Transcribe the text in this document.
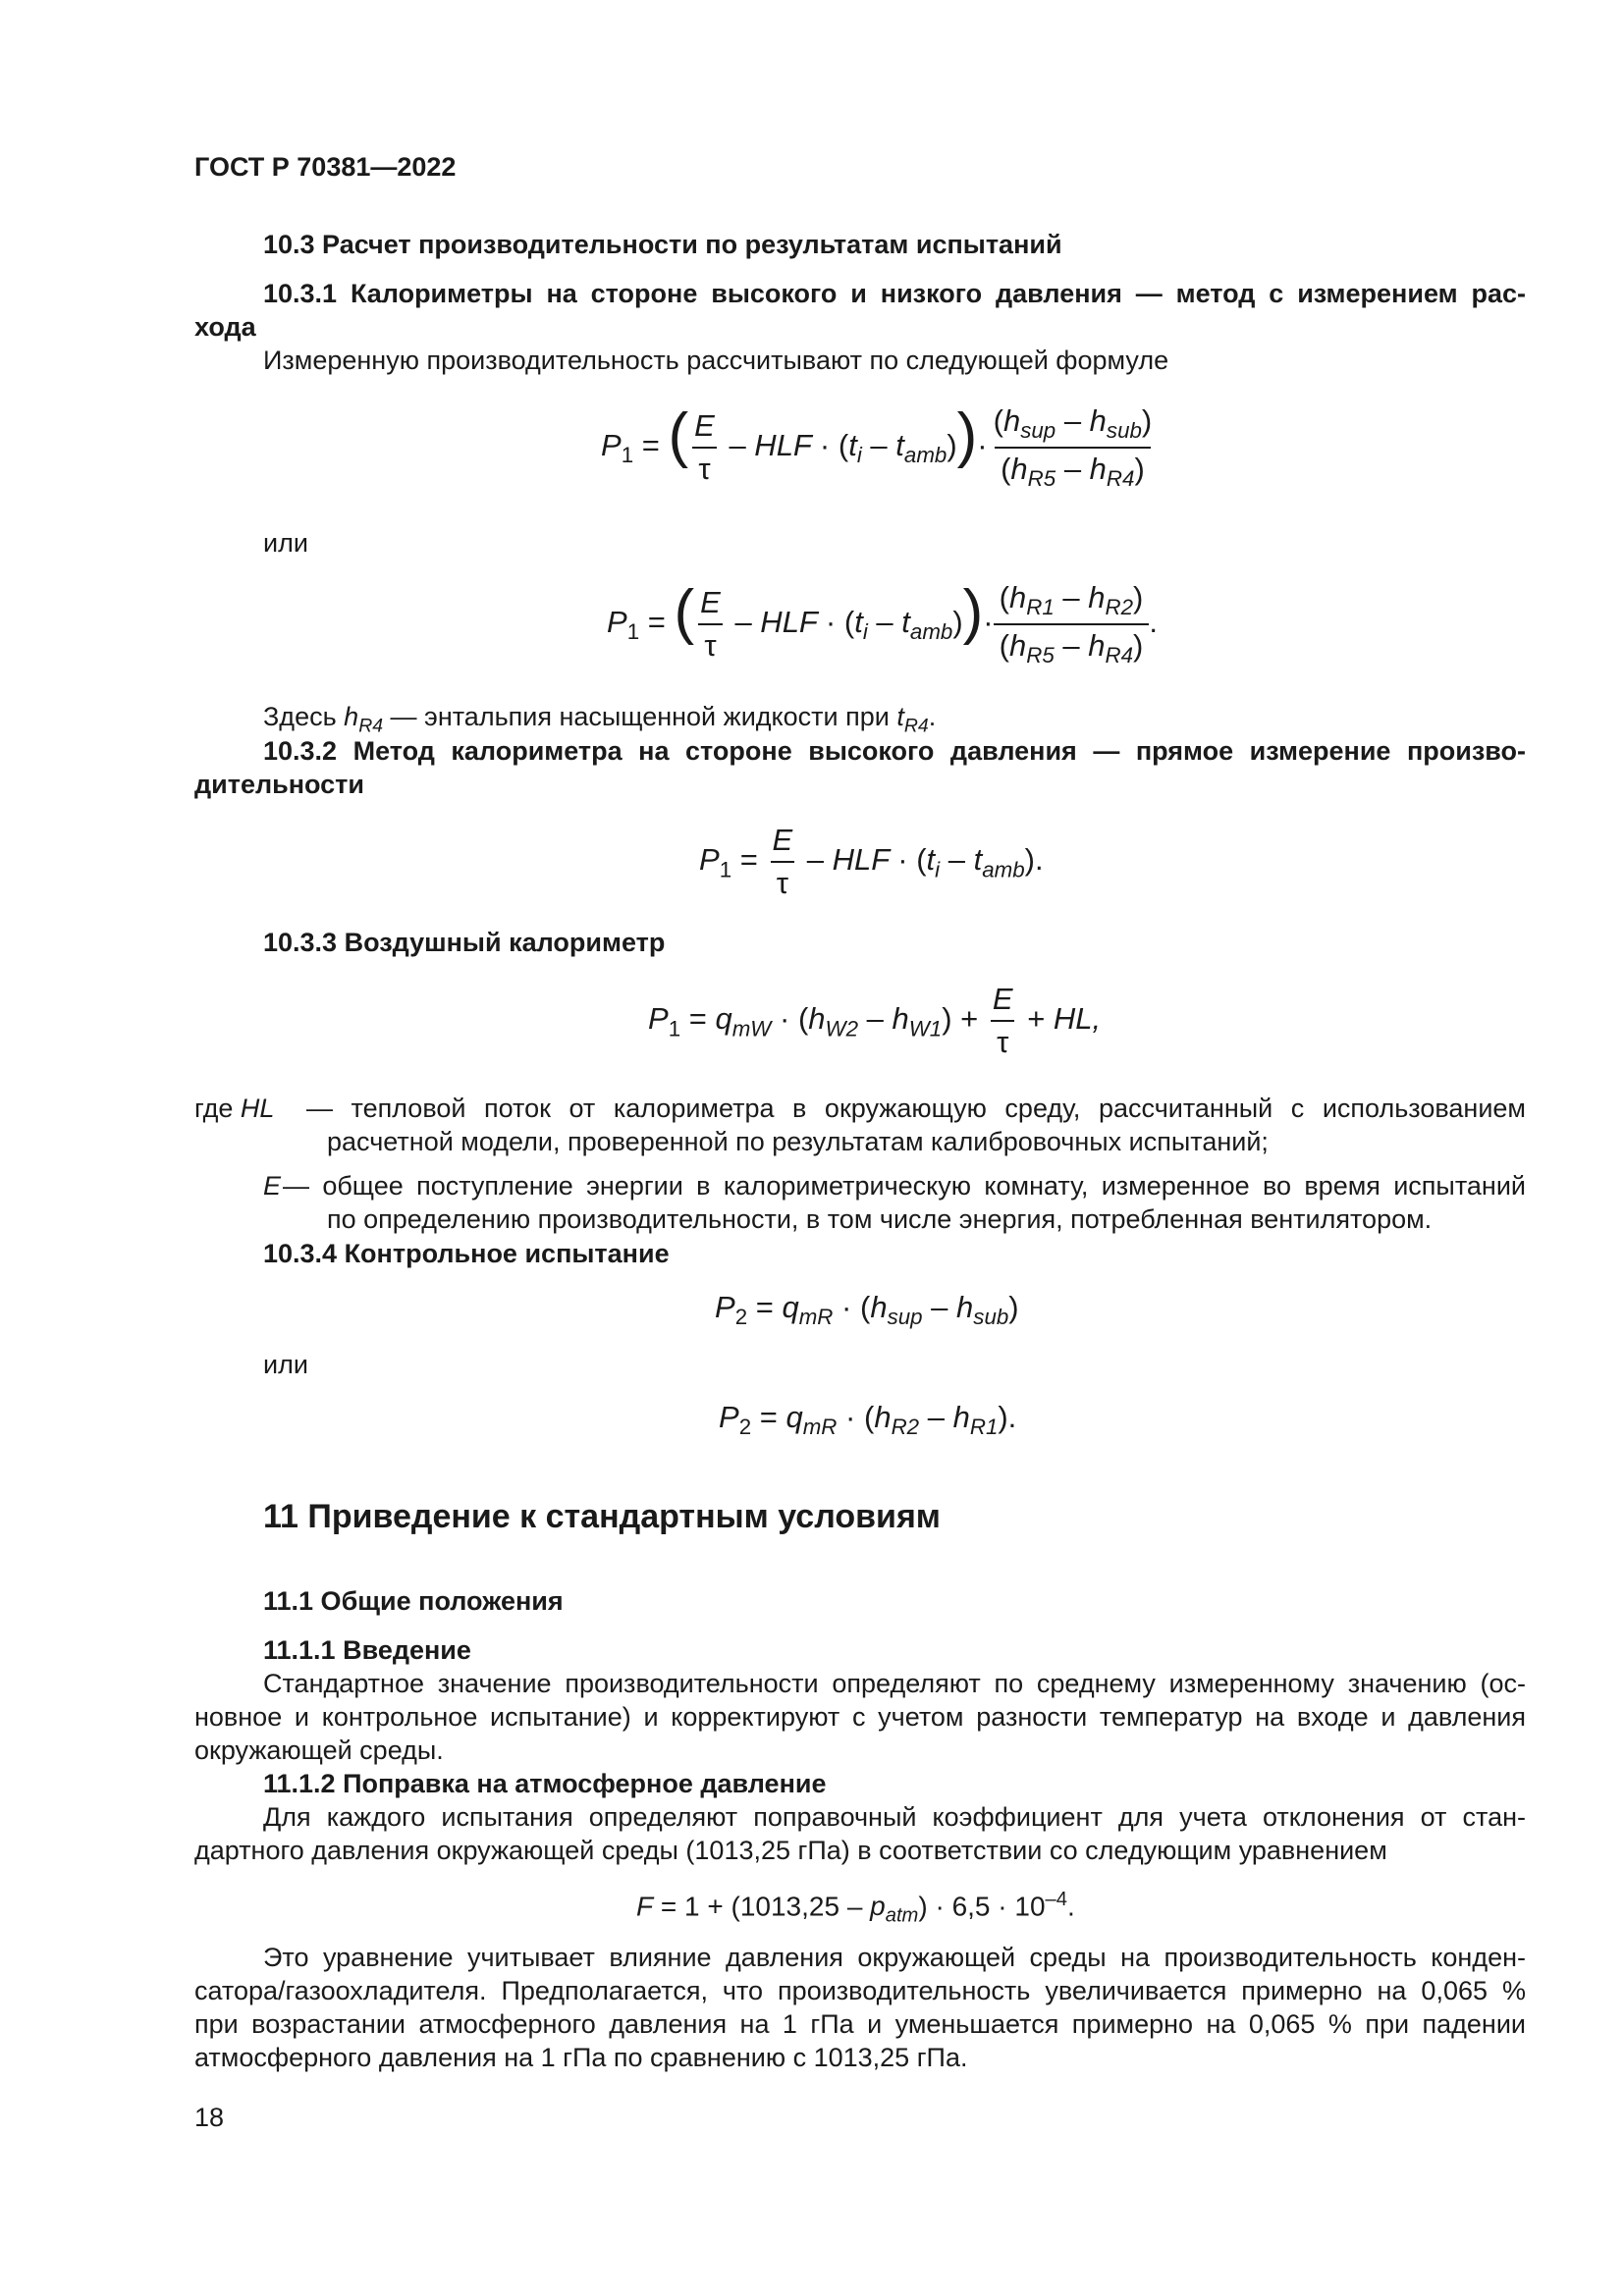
ГОСТ Р 70381—2022
10.3 Расчет производительности по результатам испытаний
10.3.1 Калориметры на стороне высокого и низкого давления — метод с измерением рас-
хода
Измеренную производительность рассчитывают по следующей формуле
$P_1$ = ( $\frac{E}{\tau}$ – HLF · $(t_i - t_{amb}))\cdot \frac{(h_{sup} - h_{sub})}{(h_{R5} - h_{R4})}$
или
$P_1$ = ( $\frac{E}{\tau}$ – HLF · $(t_i - t_{amb}))\cdot \frac{(h_{R1} - h_{R2})}{(h_{R5} - h_{R4})}$ .
Здесь $h_{R4}$ — энтальпия насыщенной жидкости при $t_{R4}$.
10.3.2 Метод калориметра на стороне высокого давления — прямое измерение произво-
дительности
$P_1 = \frac{E}{\tau}$ – HLF · $(t_i - t_{amb})$.
10.3.3 Воздушный калориметр
$P_1 = q_{mW} \cdot (h_{W2} - h_{W1}) + \frac{E}{\tau}$ + HL,
где HL — тепловой поток от калориметра в окружающую среду, рассчитанный с использованием
расчетной модели, проверенной по результатам калибровочных испытаний;
E — общее поступление энергии в калориметрическую комнату, измеренное во время испытаний
по определению производительности, в том числе энергия, потребленная вентилятором.
10.3.4 Контрольное испытание
$P_2 = q_{mR} \cdot (h_{sup} - h_{sub})$
или
$P_2 = q_{mR} \cdot (h_{R2} - h_{R1})$.
11 Приведение к стандартным условиям
11.1 Общие положения
11.1.1 Введение
Стандартное значение производительности определяют по среднему измеренному значению (ос-
новное и контрольное испытание) и корректируют с учетом разности температур на входе и давления
окружающей среды.
11.1.2 Поправка на атмосферное давление
Для каждого испытания определяют поправочный коэффициент для учета отклонения от стан-
дартного давления окружающей среды (1013,25 гПа) в соответствии со следующим уравнением
$F = 1 + (1013,25 - p_{atm}) \cdot 6,5 \cdot 10^{-4}$.
Это уравнение учитывает влияние давления окружающей среды на производительность конден-
сатора/газоохладителя. Предполагается, что производительность увеличивается примерно на 0,065 %
при возрастании атмосферного давления на 1 гПа и уменьшается примерно на 0,065 % при падении
атмосферного давления на 1 гПа по сравнению с 1013,25 гПа.
18
